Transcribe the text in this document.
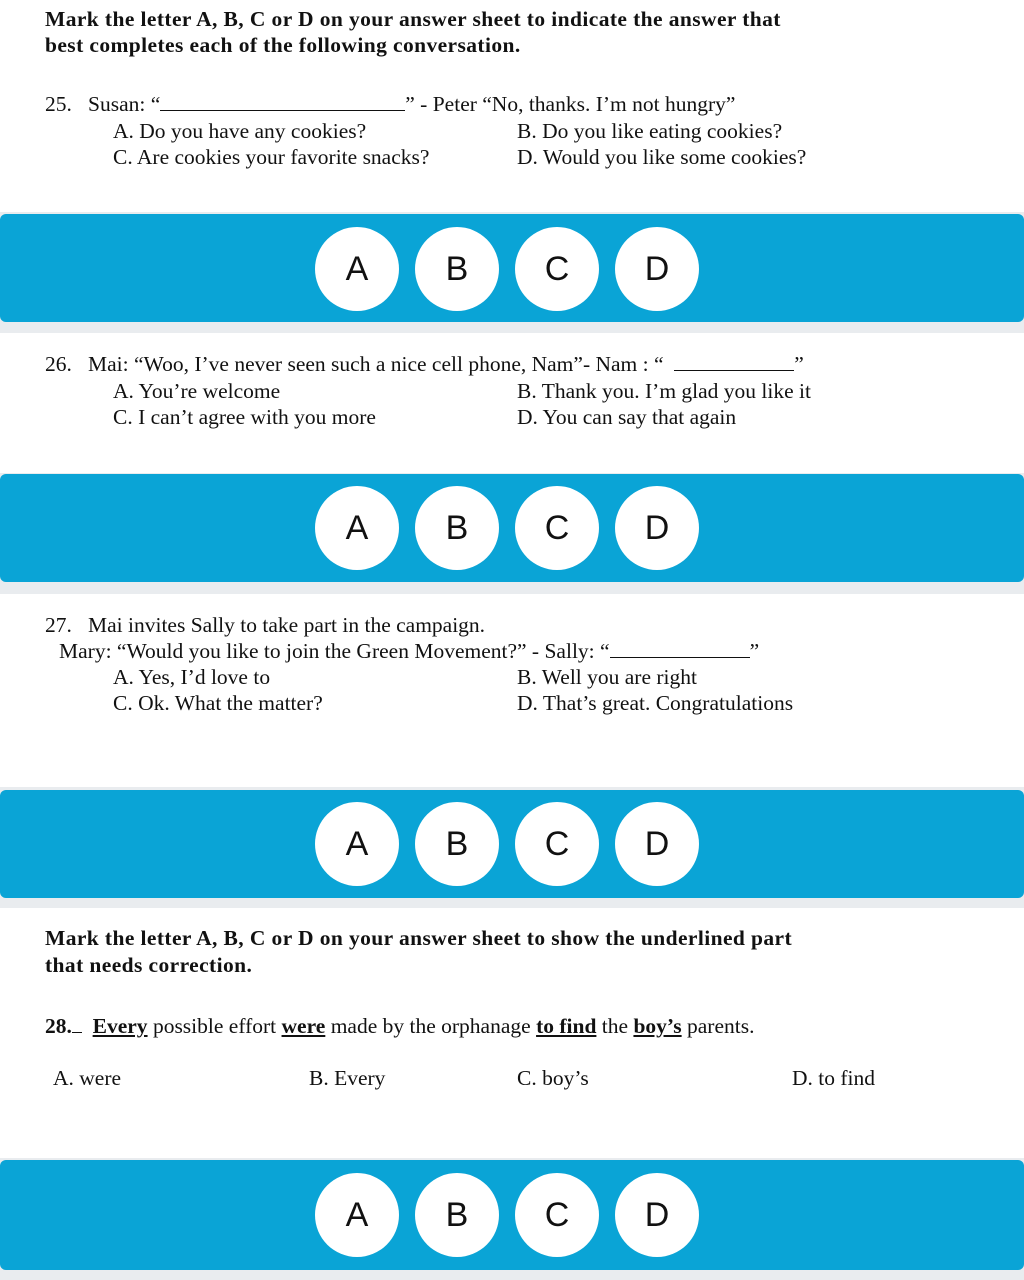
Mark the letter A, B, C or D on your answer sheet to indicate the answer that
best completes each of the following conversation.
25. Susan: “	” - Peter “No, thanks. I’m not hungry”
A. Do you have any cookies?	B. Do you like eating cookies?
C. Are cookies your favorite snacks?	D. Would you like some cookies?
A	B	C	D
26. Mai: “Woo, I’ve never seen such a nice cell phone, Nam”- Nam : “	”
A. You’re welcome	B. Thank you. I’m glad you like it
C. I can’t agree with you more	D. You can say that again
A	B	C	D
27. Mai invites Sally to take part in the campaign.
Mary: “Would you like to join the Green Movement?” - Sally: “	”
A. Yes, I’d love to	B. Well you are right
C. Ok. What the matter?	D. That’s great. Congratulations
A	B	C	D
Mark the letter A, B, C or D on your answer sheet to show the underlined part
that needs correction.
28. Every possible effort were made by the orphanage to find the boy’s parents.
A. were	B. Every	C. boy’s	D. to find
A	B	C	D
